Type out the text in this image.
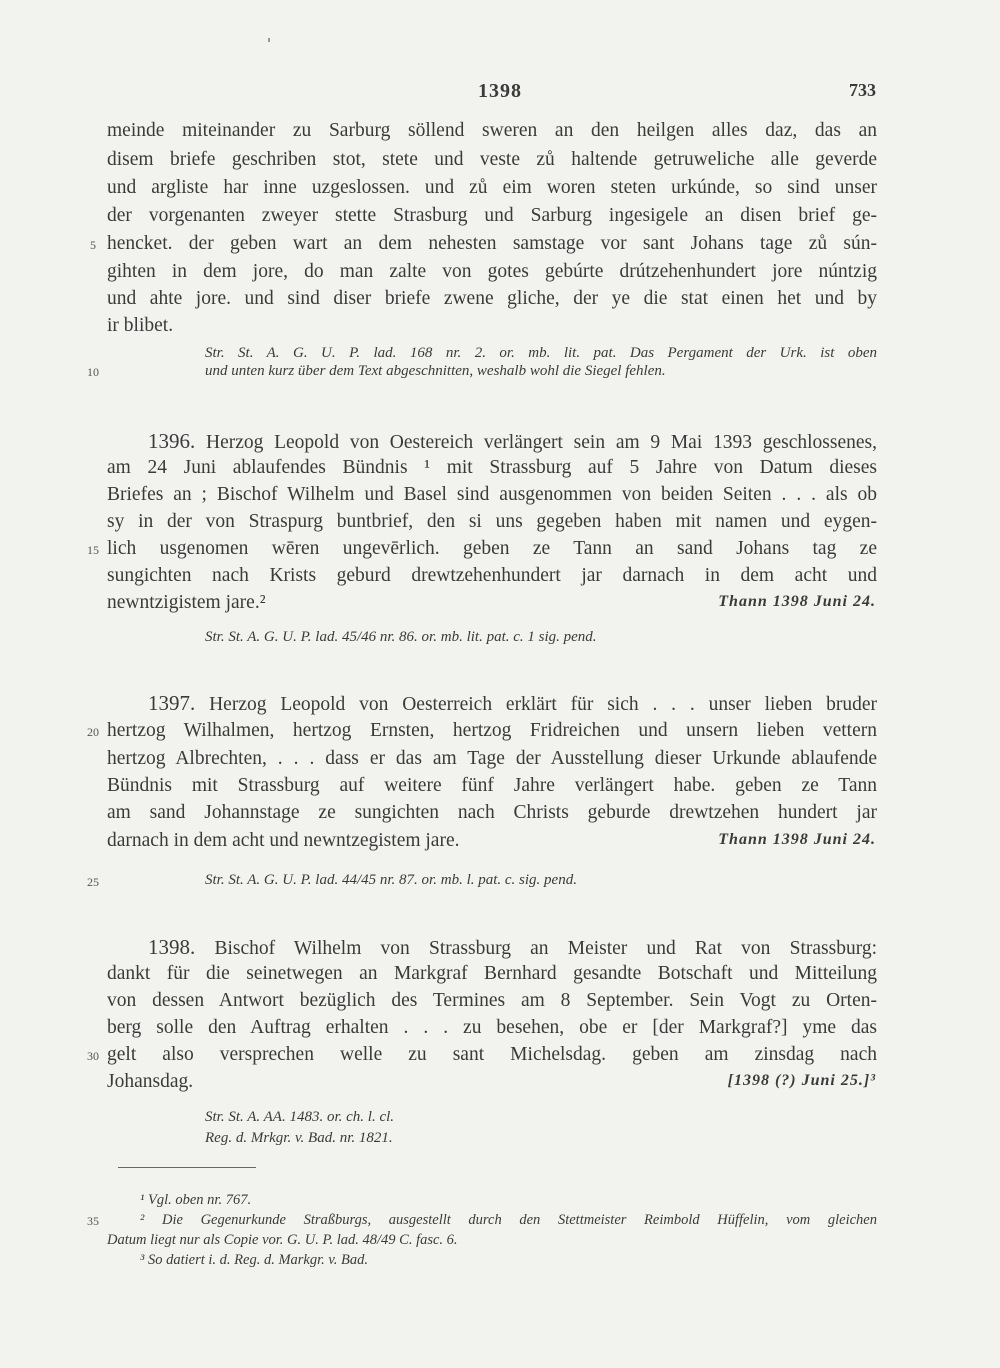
1398	733
meinde miteinander zu Sarburg söllend sweren an den heilgen alles daz, das an
disem briefe geschriben stot, stete und veste zů haltende getruweliche alle geverde
und argliste har inne uzgeslossen. und zů eim woren steten urkúnde, so sind unser
der vorgenanten zweyer stette Strasburg und Sarburg ingesigele an disen brief ge-
5 hencket. der geben wart an dem nehesten samstage vor sant Johans tage zů sún-
gihten in dem jore, do man zalte von gotes gebúrte drútzehenhundert jore núntzig
und ahte jore. und sind diser briefe zwene gliche, der ye die stat einen het und by
ir blibet.
Str. St. A. G. U. P. lad. 168 nr. 2. or. mb. lit. pat. Das Pergament der Urk. ist oben
10	und unten kurz über dem Text abgeschnitten, weshalb wohl die Siegel fehlen.
1396. Herzog Leopold von Oestereich verlängert sein am 9 Mai 1393 geschlossenes,
am 24 Juni ablaufendes Bündnis ¹ mit Strassburg auf 5 Jahre von Datum dieses
Briefes an ; Bischof Wilhelm und Basel sind ausgenommen von beiden Seiten . . . als ob
sy in der von Straspurg buntbrief, den si uns gegeben haben mit namen und eygen-
15 lich usgenomen wēren ungevērlich. geben ze Tann an sand Johans tag ze
sungichten nach Krists geburd drewtzehenhundert jar darnach in dem acht und
newntzigistem jare.²	Thann 1398 Juni 24.
Str. St. A. G. U. P. lad. 45/46 nr. 86. or. mb. lit. pat. c. 1 sig. pend.
1397. Herzog Leopold von Oesterreich erklärt für sich . . . unser lieben bruder
20 hertzog Wilhalmen, hertzog Ernsten, hertzog Fridreichen und unsern lieben vettern
hertzog Albrechten, . . . dass er das am Tage der Ausstellung dieser Urkunde ablaufende
Bündnis mit Strassburg auf weitere fünf Jahre verlängert habe. geben ze Tann
am sand Johannstage ze sungichten nach Christs geburde drewtzehen hundert jar
darnach in dem acht und newntzegistem jare.	Thann 1398 Juni 24.
25	Str. St. A. G. U. P. lad. 44/45 nr. 87. or. mb. l. pat. c. sig. pend.
1398. Bischof Wilhelm von Strassburg an Meister und Rat von Strassburg:
dankt für die seinetwegen an Markgraf Bernhard gesandte Botschaft und Mitteilung
von dessen Antwort bezüglich des Termines am 8 September. Sein Vogt zu Orten-
berg solle den Auftrag erhalten . . . zu besehen, obe er [der Markgraf?] yme das
30 gelt also versprechen welle zu sant Michelsdag. geben am zinsdag nach
Johansdag.	[1398 (?) Juni 25.]³
Str. St. A. AA. 1483. or. ch. l. cl.
Reg. d. Mrkgr. v. Bad. nr. 1821.
¹ Vgl. oben nr. 767.
35	² Die Gegenurkunde Straßburgs, ausgestellt durch den Stettmeister Reimbold Hüffelin, vom gleichen
Datum liegt nur als Copie vor. G. U. P. lad. 48/49 C. fasc. 6.
³ So datiert i. d. Reg. d. Markgr. v. Bad.
